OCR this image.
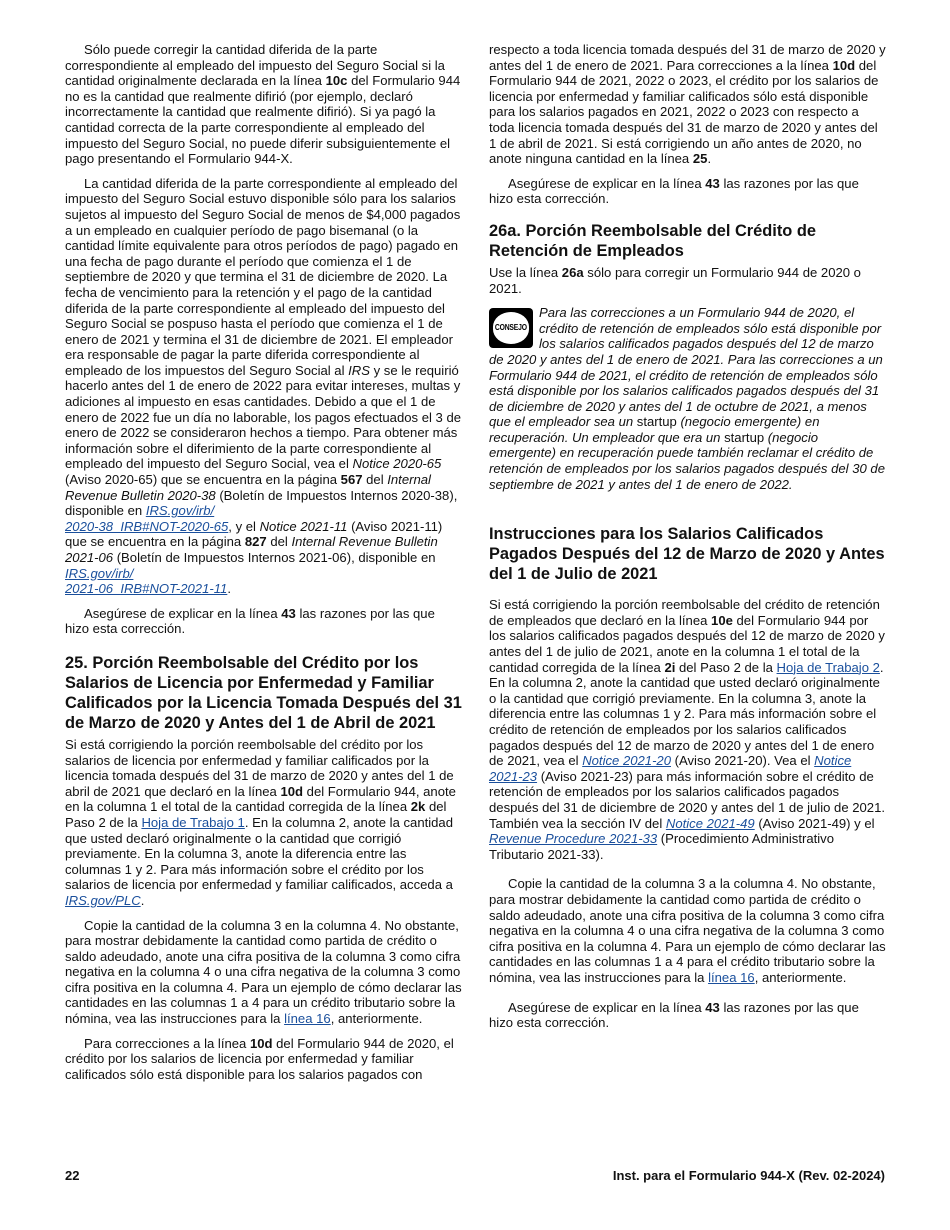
Sólo puede corregir la cantidad diferida de la parte correspondiente al empleado del impuesto del Seguro Social si la cantidad originalmente declarada en la línea 10c del Formulario 944 no es la cantidad que realmente difirió (por ejemplo, declaró incorrectamente la cantidad que realmente difirió). Si ya pagó la cantidad correcta de la parte correspondiente al empleado del impuesto del Seguro Social, no puede diferir subsiguientemente el pago presentando el Formulario 944-X.

La cantidad diferida de la parte correspondiente al empleado del impuesto del Seguro Social estuvo disponible sólo para los salarios sujetos al impuesto del Seguro Social de menos de $4,000 pagados a un empleado en cualquier período de pago bisemanal (o la cantidad límite equivalente para otros períodos de pago) pagado en una fecha de pago durante el período que comienza el 1 de septiembre de 2020 y que termina el 31 de diciembre de 2020. La fecha de vencimiento para la retención y el pago de la cantidad diferida de la parte correspondiente al empleado del impuesto del Seguro Social se pospuso hasta el período que comienza el 1 de enero de 2021 y termina el 31 de diciembre de 2021. El empleador era responsable de pagar la parte diferida correspondiente al empleado de los impuestos del Seguro Social al IRS y se le requirió hacerlo antes del 1 de enero de 2022 para evitar intereses, multas y adiciones al impuesto en esas cantidades. Debido a que el 1 de enero de 2022 fue un día no laborable, los pagos efectuados el 3 de enero de 2022 se consideraron hechos a tiempo. Para obtener más información sobre el diferimiento de la parte correspondiente al empleado del impuesto del Seguro Social, vea el Notice 2020-65 (Aviso 2020-65) que se encuentra en la página 567 del Internal Revenue Bulletin 2020-38 (Boletín de Impuestos Internos 2020-38), disponible en IRS.gov/irb/
2020-38_IRB#NOT-2020-65, y el Notice 2021-11 (Aviso 2021-11) que se encuentra en la página 827 del Internal Revenue Bulletin 2021-06 (Boletín de Impuestos Internos 2021-06), disponible en IRS.gov/irb/
2021-06_IRB#NOT-2021-11.

Asegúrese de explicar en la línea 43 las razones por las que hizo esta corrección.

25. Porción Reembolsable del Crédito por los Salarios de Licencia por Enfermedad y Familiar Calificados por la Licencia Tomada Después del 31 de Marzo de 2020 y Antes del 1 de Abril de 2021

Si está corrigiendo la porción reembolsable del crédito por los salarios de licencia por enfermedad y familiar calificados por la licencia tomada después del 31 de marzo de 2020 y antes del 1 de abril de 2021 que declaró en la línea 10d del Formulario 944, anote en la columna 1 el total de la cantidad corregida de la línea 2k del Paso 2 de la Hoja de Trabajo 1. En la columna 2, anote la cantidad que usted declaró originalmente o la cantidad que corrigió previamente. En la columna 3, anote la diferencia entre las columnas 1 y 2. Para más información sobre el crédito por los salarios de licencia por enfermedad y familiar calificados, acceda a IRS.gov/PLC.

Copie la cantidad de la columna 3 en la columna 4. No obstante, para mostrar debidamente la cantidad como partida de crédito o saldo adeudado, anote una cifra positiva de la columna 3 como cifra negativa en la columna 4 o una cifra negativa de la columna 3 como cifra positiva en la columna 4. Para un ejemplo de cómo declarar las cantidades en las columnas 1 a 4 para un crédito tributario sobre la nómina, vea las instrucciones para la línea 16, anteriormente.

Para correcciones a la línea 10d del Formulario 944 de 2020, el crédito por los salarios de licencia por enfermedad y familiar calificados sólo está disponible para los salarios pagados con

respecto a toda licencia tomada después del 31 de marzo de 2020 y antes del 1 de enero de 2021. Para correcciones a la línea 10d del Formulario 944 de 2021, 2022 o 2023, el crédito por los salarios de licencia por enfermedad y familiar calificados sólo está disponible para los salarios pagados en 2021, 2022 o 2023 con respecto a toda licencia tomada después del 31 de marzo de 2020 y antes del 1 de abril de 2021. Si está corrigiendo un año antes de 2020, no anote ninguna cantidad en la línea 25.

Asegúrese de explicar en la línea 43 las razones por las que hizo esta corrección.

26a. Porción Reembolsable del Crédito de Retención de Empleados

Use la línea 26a sólo para corregir un Formulario 944 de 2020 o 2021.

CONSEJO
Para las correcciones a un Formulario 944 de 2020, el crédito de retención de empleados sólo está disponible por los salarios calificados pagados después del 12 de marzo de 2020 y antes del 1 de enero de 2021. Para las correcciones a un Formulario 944 de 2021, el crédito de retención de empleados sólo está disponible por los salarios calificados pagados después del 31 de diciembre de 2020 y antes del 1 de octubre de 2021, a menos que el empleador sea un startup (negocio emergente) en recuperación. Un empleador que era un startup (negocio emergente) en recuperación puede también reclamar el crédito de retención de empleados por los salarios pagados después del 30 de septiembre de 2021 y antes del 1 de enero de 2022.
Instrucciones para los Salarios Calificados Pagados Después del 12 de Marzo de 2020 y Antes del 1 de Julio de 2021

Si está corrigiendo la porción reembolsable del crédito de retención de empleados que declaró en la línea 10e del Formulario 944 por los salarios calificados pagados después del 12 de marzo de 2020 y antes del 1 de julio de 2021, anote en la columna 1 el total de la cantidad corregida de la línea 2i del Paso 2 de la Hoja de Trabajo 2. En la columna 2, anote la cantidad que usted declaró originalmente o la cantidad que corrigió previamente. En la columna 3, anote la diferencia entre las columnas 1 y 2. Para más información sobre el crédito de retención de empleados por los salarios calificados pagados después del 12 de marzo de 2020 y antes del 1 de enero de 2021, vea el Notice 2021-20 (Aviso 2021-20). Vea el Notice 2021-23 (Aviso 2021-23) para más información sobre el crédito de retención de empleados por los salarios calificados pagados después del 31 de diciembre de 2020 y antes del 1 de julio de 2021. También vea la sección IV del Notice 2021-49 (Aviso 2021-49) y el Revenue Procedure 2021-33 (Procedimiento Administrativo Tributario 2021-33).

Copie la cantidad de la columna 3 a la columna 4. No obstante, para mostrar debidamente la cantidad como partida de crédito o saldo adeudado, anote una cifra positiva de la columna 3 como cifra negativa en la columna 4 o una cifra negativa de la columna 3 como cifra positiva en la columna 4. Para un ejemplo de cómo declarar las cantidades en las columnas 1 a 4 para el crédito tributario sobre la nómina, vea las instrucciones para la línea 16, anteriormente.

Asegúrese de explicar en la línea 43 las razones por las que hizo esta corrección.

22	Inst. para el Formulario 944-X (Rev. 02-2024)
